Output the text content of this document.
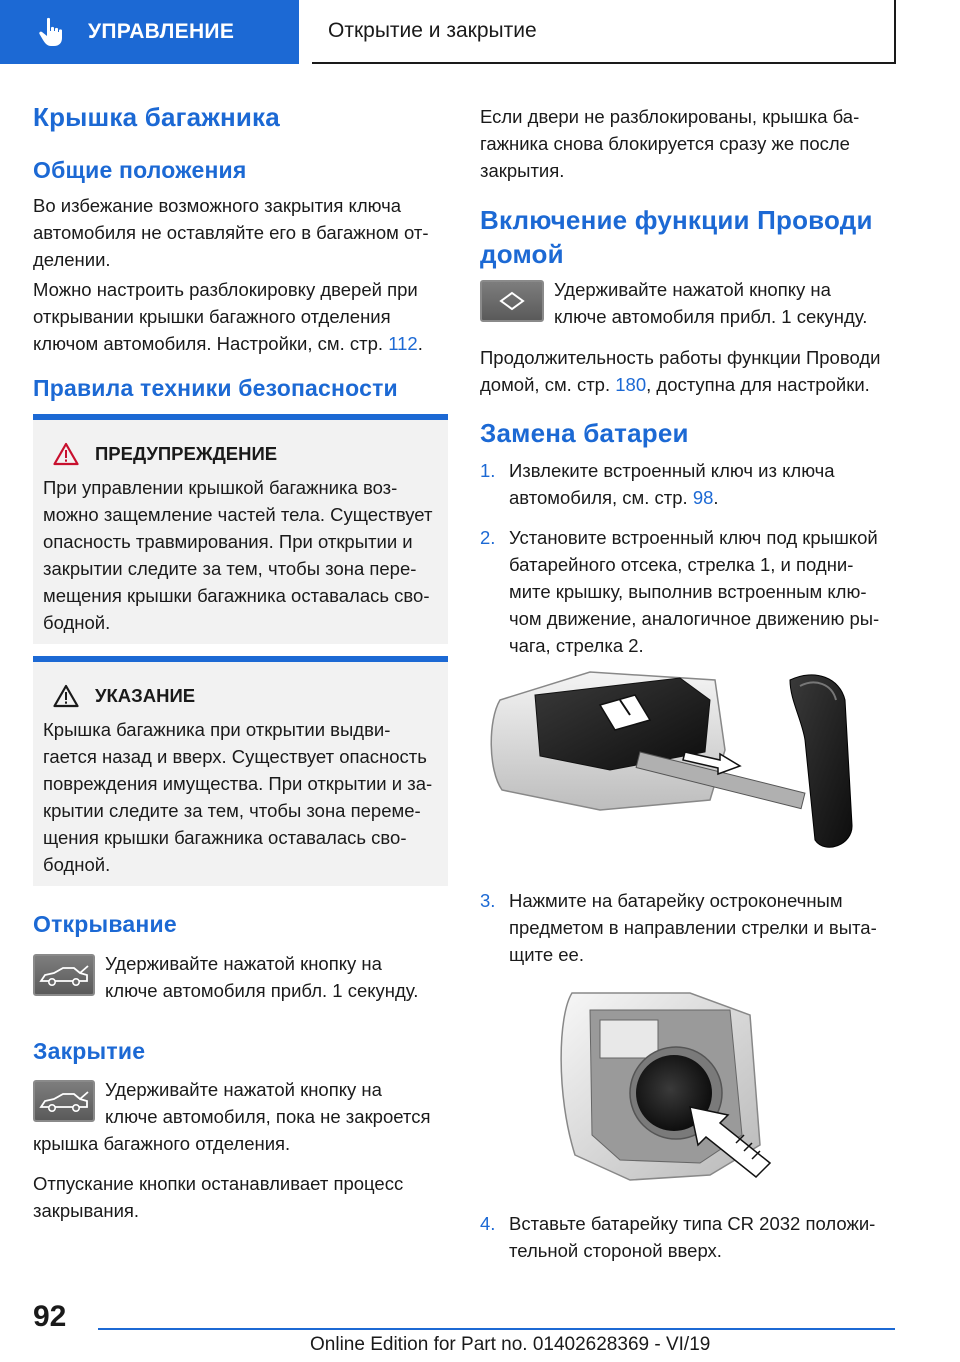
УПРАВЛЕНИЕ	Открытие и закрытие
Крышка багажника
Общие положения

Во избежание возможного закрытия ключа
автомобиля не оставляйте его в багажном от-
делении.

Можно настроить разблокировку дверей при
открывании крышки багажного отделения
ключом автомобиля. Настройки, см. стр. 112.

Правила техники безопасности
ПРЕДУПРЕЖДЕНИЕ

При управлении крышкой багажника воз-
можно защемление частей тела. Существует
опасность травмирования. При открытии и
закрытии следите за тем, чтобы зона пере-
мещения крышки багажника оставалась сво-
бодной.

УКАЗАНИЕ

Крышка багажника при открытии выдви-
гается назад и вверх. Существует опасность
повреждения имущества. При открытии и за-
крытии следите за тем, чтобы зона переме-
щения крышки багажника оставалась сво-
бодной.

Открывание

Удерживайте нажатой кнопку на
ключе автомобиля прибл. 1 секунду.

Закрытие

Удерживайте нажатой кнопку на
ключе автомобиля, пока не закроется

крышка багажного отделения.

Отпускание кнопки останавливает процесс
закрывания.

Если двери не разблокированы, крышка ба-
гажника снова блокируется сразу же после
закрытия.

Включение функции Проводи
домой

Удерживайте нажатой кнопку на
ключе автомобиля прибл. 1 секунду.

Продолжительность работы функции Проводи
домой, см. стр. 180, доступна для настройки.

Замена батареи
1. Извлеките встроенный ключ из ключа
автомобиля, см. стр. 98.
2. Установите встроенный ключ под крышкой
батарейного отсека, стрелка 1, и подни-
мите крышку, выполнив встроенным клю-
чом движение, аналогичное движению ры-
чага, стрелка 2.
3. Нажмите на батарейку остроконечным
предметом в направлении стрелки и выта-
щите ее.
4. Вставьте батарейку типа CR 2032 положи-
тельной стороной вверх.
92
Online Edition for Part no. 01402628369 - VI/19
